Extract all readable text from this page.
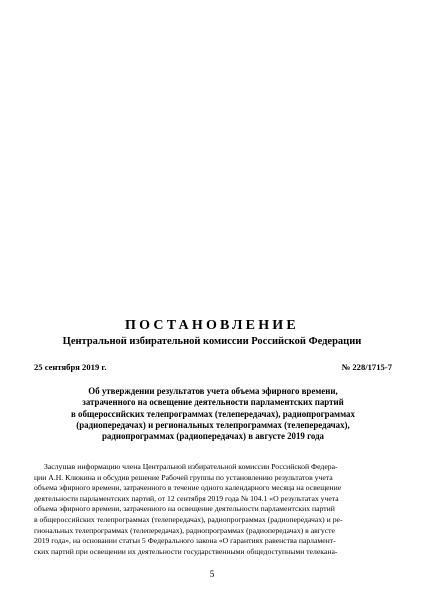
ПОСТАНОВЛЕНИЕ
Центральной избирательной комиссии Российской Федерации
25 сентября 2019 г.	№ 228/1715-7
Об утверждении результатов учета объема эфирного времени,
затраченного на освещение деятельности парламентских партий
в общероссийских телепрограммах (телепередачах), радиопрограммах
(радиопередачах) и региональных телепрограммах (телепередачах),
радиопрограммах (радиопередачах) в августе 2019 года
Заслушав информацию члена Центральной избирательной комиссии Российской Федера-
ции А.Н. Клюкина и обсудив решение Рабочей группы по установлению результатов учета
объема эфирного времени, затраченного в течение одного календарного месяца на освещение
деятельности парламентских партий, от 12 сентября 2019 года № 104.1 «О результатах учета
объема эфирного времени, затраченного на освещение деятельности парламентских партий
в общероссийских телепрограммах (телепередачах), радиопрограммах (радиопередачах) и ре-
гиональных телепрограммах (телепередачах), радиопрограммах (радиопередачах) в августе
2019 года», на основании статьи 5 Федерального закона «О гарантиях равенства парламент-
ских партий при освещении их деятельности государственными общедоступными телекана-
5
